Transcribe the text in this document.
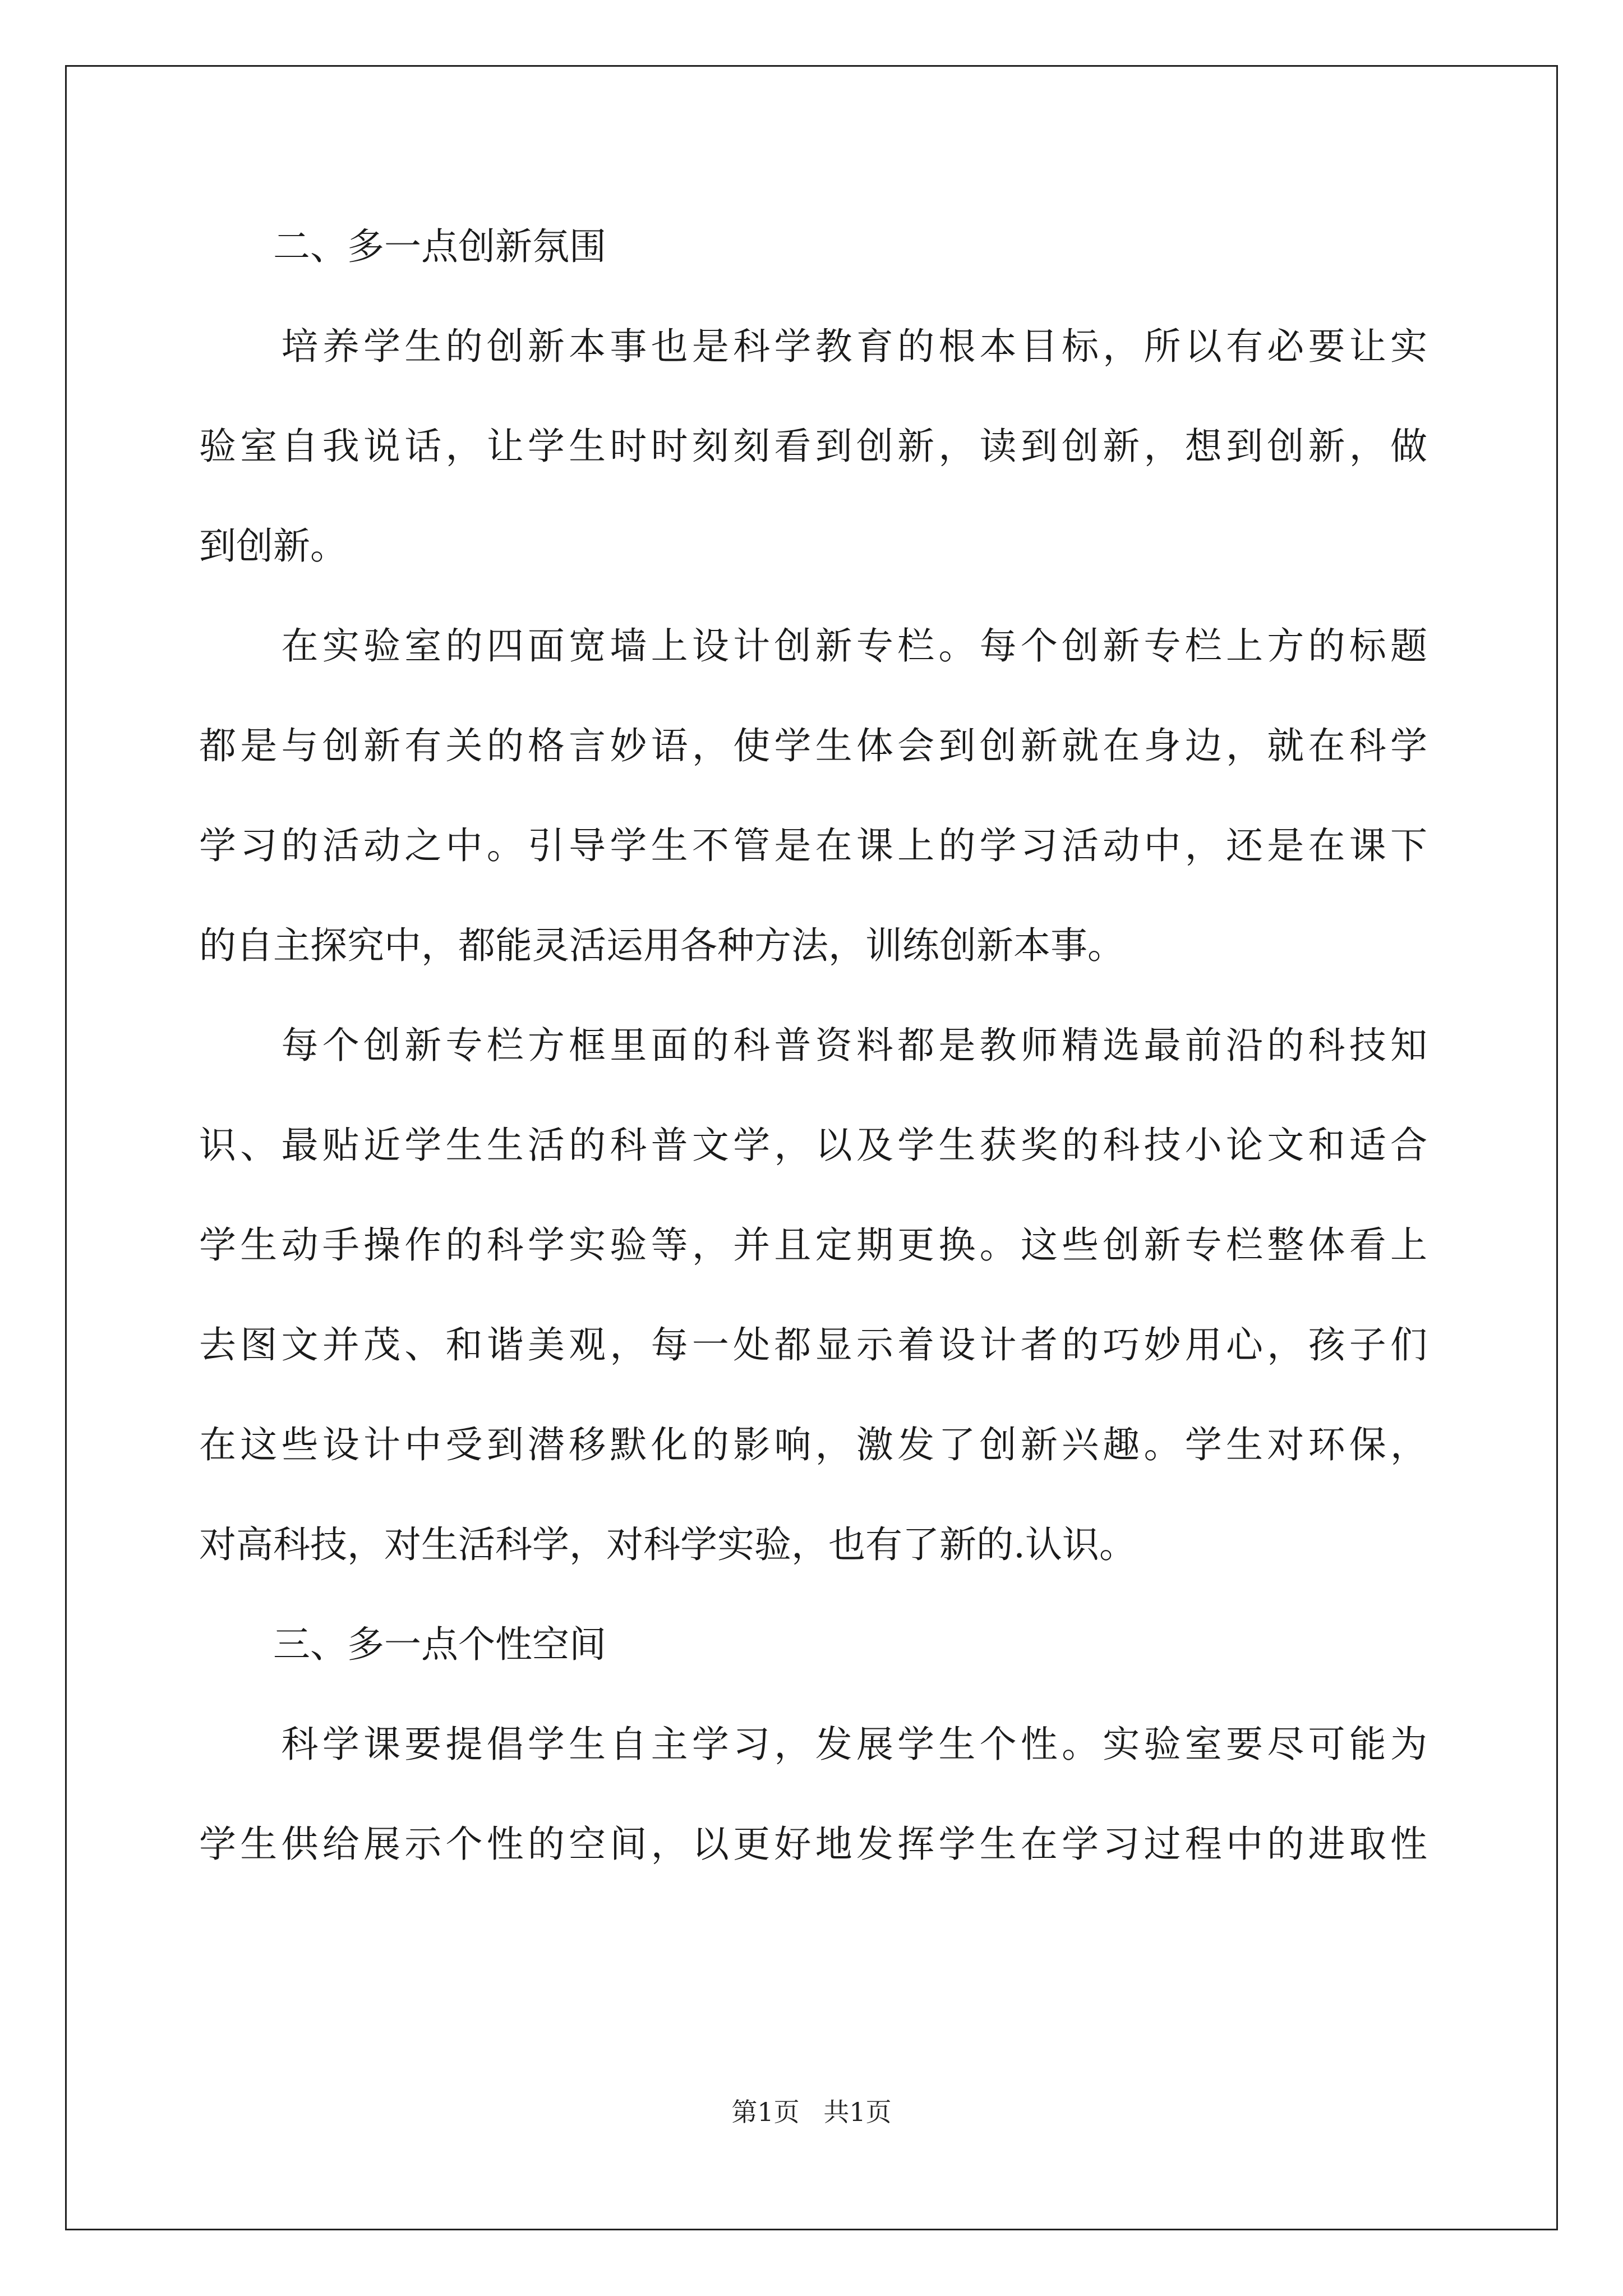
　　二、多一点创新氛围
　　培养学生的创新本事也是科学教育的根本目标，所以有必要让实
验室自我说话，让学生时时刻刻看到创新，读到创新，想到创新，做
到创新。
　　在实验室的四面宽墙上设计创新专栏。每个创新专栏上方的标题
都是与创新有关的格言妙语，使学生体会到创新就在身边，就在科学
学习的活动之中。引导学生不管是在课上的学习活动中，还是在课下
的自主探究中，都能灵活运用各种方法，训练创新本事。
　　每个创新专栏方框里面的科普资料都是教师精选最前沿的科技知
识、最贴近学生生活的科普文学，以及学生获奖的科技小论文和适合
学生动手操作的科学实验等，并且定期更换。这些创新专栏整体看上
去图文并茂、和谐美观，每一处都显示着设计者的巧妙用心，孩子们
在这些设计中受到潜移默化的影响，激发了创新兴趣。学生对环保，
对高科技，对生活科学，对科学实验，也有了新的.认识。
　　三、多一点个性空间
　　科学课要提倡学生自主学习，发展学生个性。实验室要尽可能为
学生供给展示个性的空间，以更好地发挥学生在学习过程中的进取性
第1页 共1页
